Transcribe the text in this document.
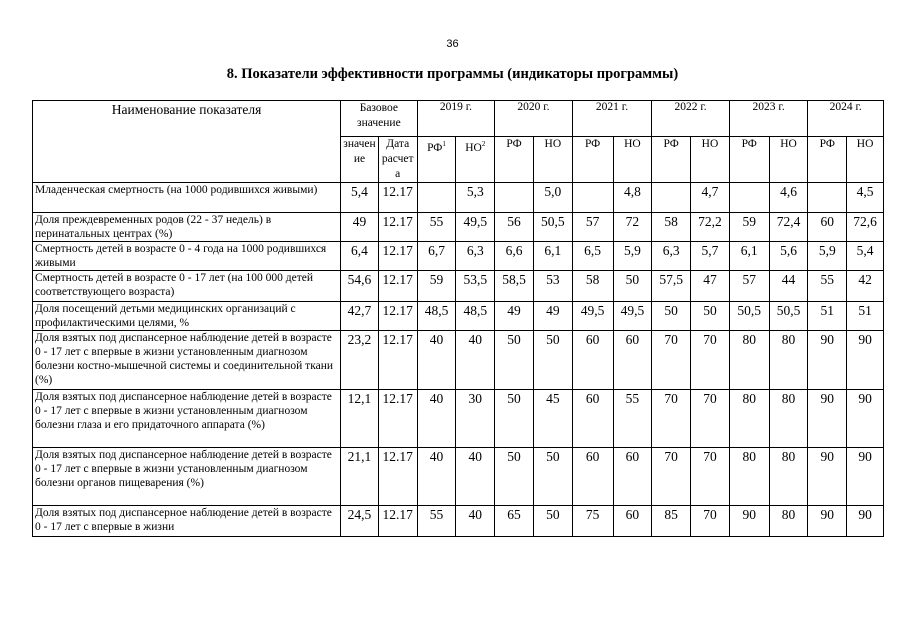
36
8. Показатели эффективности программы (индикаторы программы)
Наименование показателя	Базовое значение		2019 г.		2020 г.		2021 г.		2022 г.		2023 г.		2024 г.	
	значение	Дата расчета	$РФ^1$	$НО^2$	РФ	НО	РФ	НО	РФ	НО	РФ	НО	РФ	НО
Младенческая смертность (на 1000 родившихся живыми)	5,4	12.17		5,3		5,0		4,8		4,7		4,6		4,5
Доля преждевременных родов (22 - 37 недель) в перинатальных центрах (%)	49	12.17	55	49,5	56	50,5	57	72	58	72,2	59	72,4	60	72,6
Смертность детей в возрасте 0 - 4 года на 1000 родившихся живыми	6,4	12.17	6,7	6,3	6,6	6,1	6,5	5,9	6,3	5,7	6,1	5,6	5,9	5,4
Смертность детей в возрасте 0 - 17 лет (на 100 000 детей соответствующего возраста)	54,6	12.17	59	53,5	58,5	53	58	50	57,5	47	57	44	55	42
Доля посещений детьми медицинских организаций с профилактическими целями, %	42,7	12.17	48,5	48,5	49	49	49,5	49,5	50	50	50,5	50,5	51	51
Доля взятых под диспансерное наблюдение детей в возрасте 0 - 17 лет с впервые в жизни установленным диагнозом болезни костно-мышечной системы и соединительной ткани (%)	23,2	12.17	40	40	50	50	60	60	70	70	80	80	90	90
Доля взятых под диспансерное наблюдение детей в возрасте 0 - 17 лет с впервые в жизни установленным диагнозом болезни глаза и его придаточного аппарата (%)	12,1	12.17	40	30	50	45	60	55	70	70	80	80	90	90
Доля взятых под диспансерное наблюдение детей в возрасте 0 - 17 лет с впервые в жизни установленным диагнозом болезни органов пищеварения (%)	21,1	12.17	40	40	50	50	60	60	70	70	80	80	90	90
Доля взятых под диспансерное наблюдение детей в возрасте 0 - 17 лет с впервые в жизни	24,5	12.17	55	40	65	50	75	60	85	70	90	80	90	90
